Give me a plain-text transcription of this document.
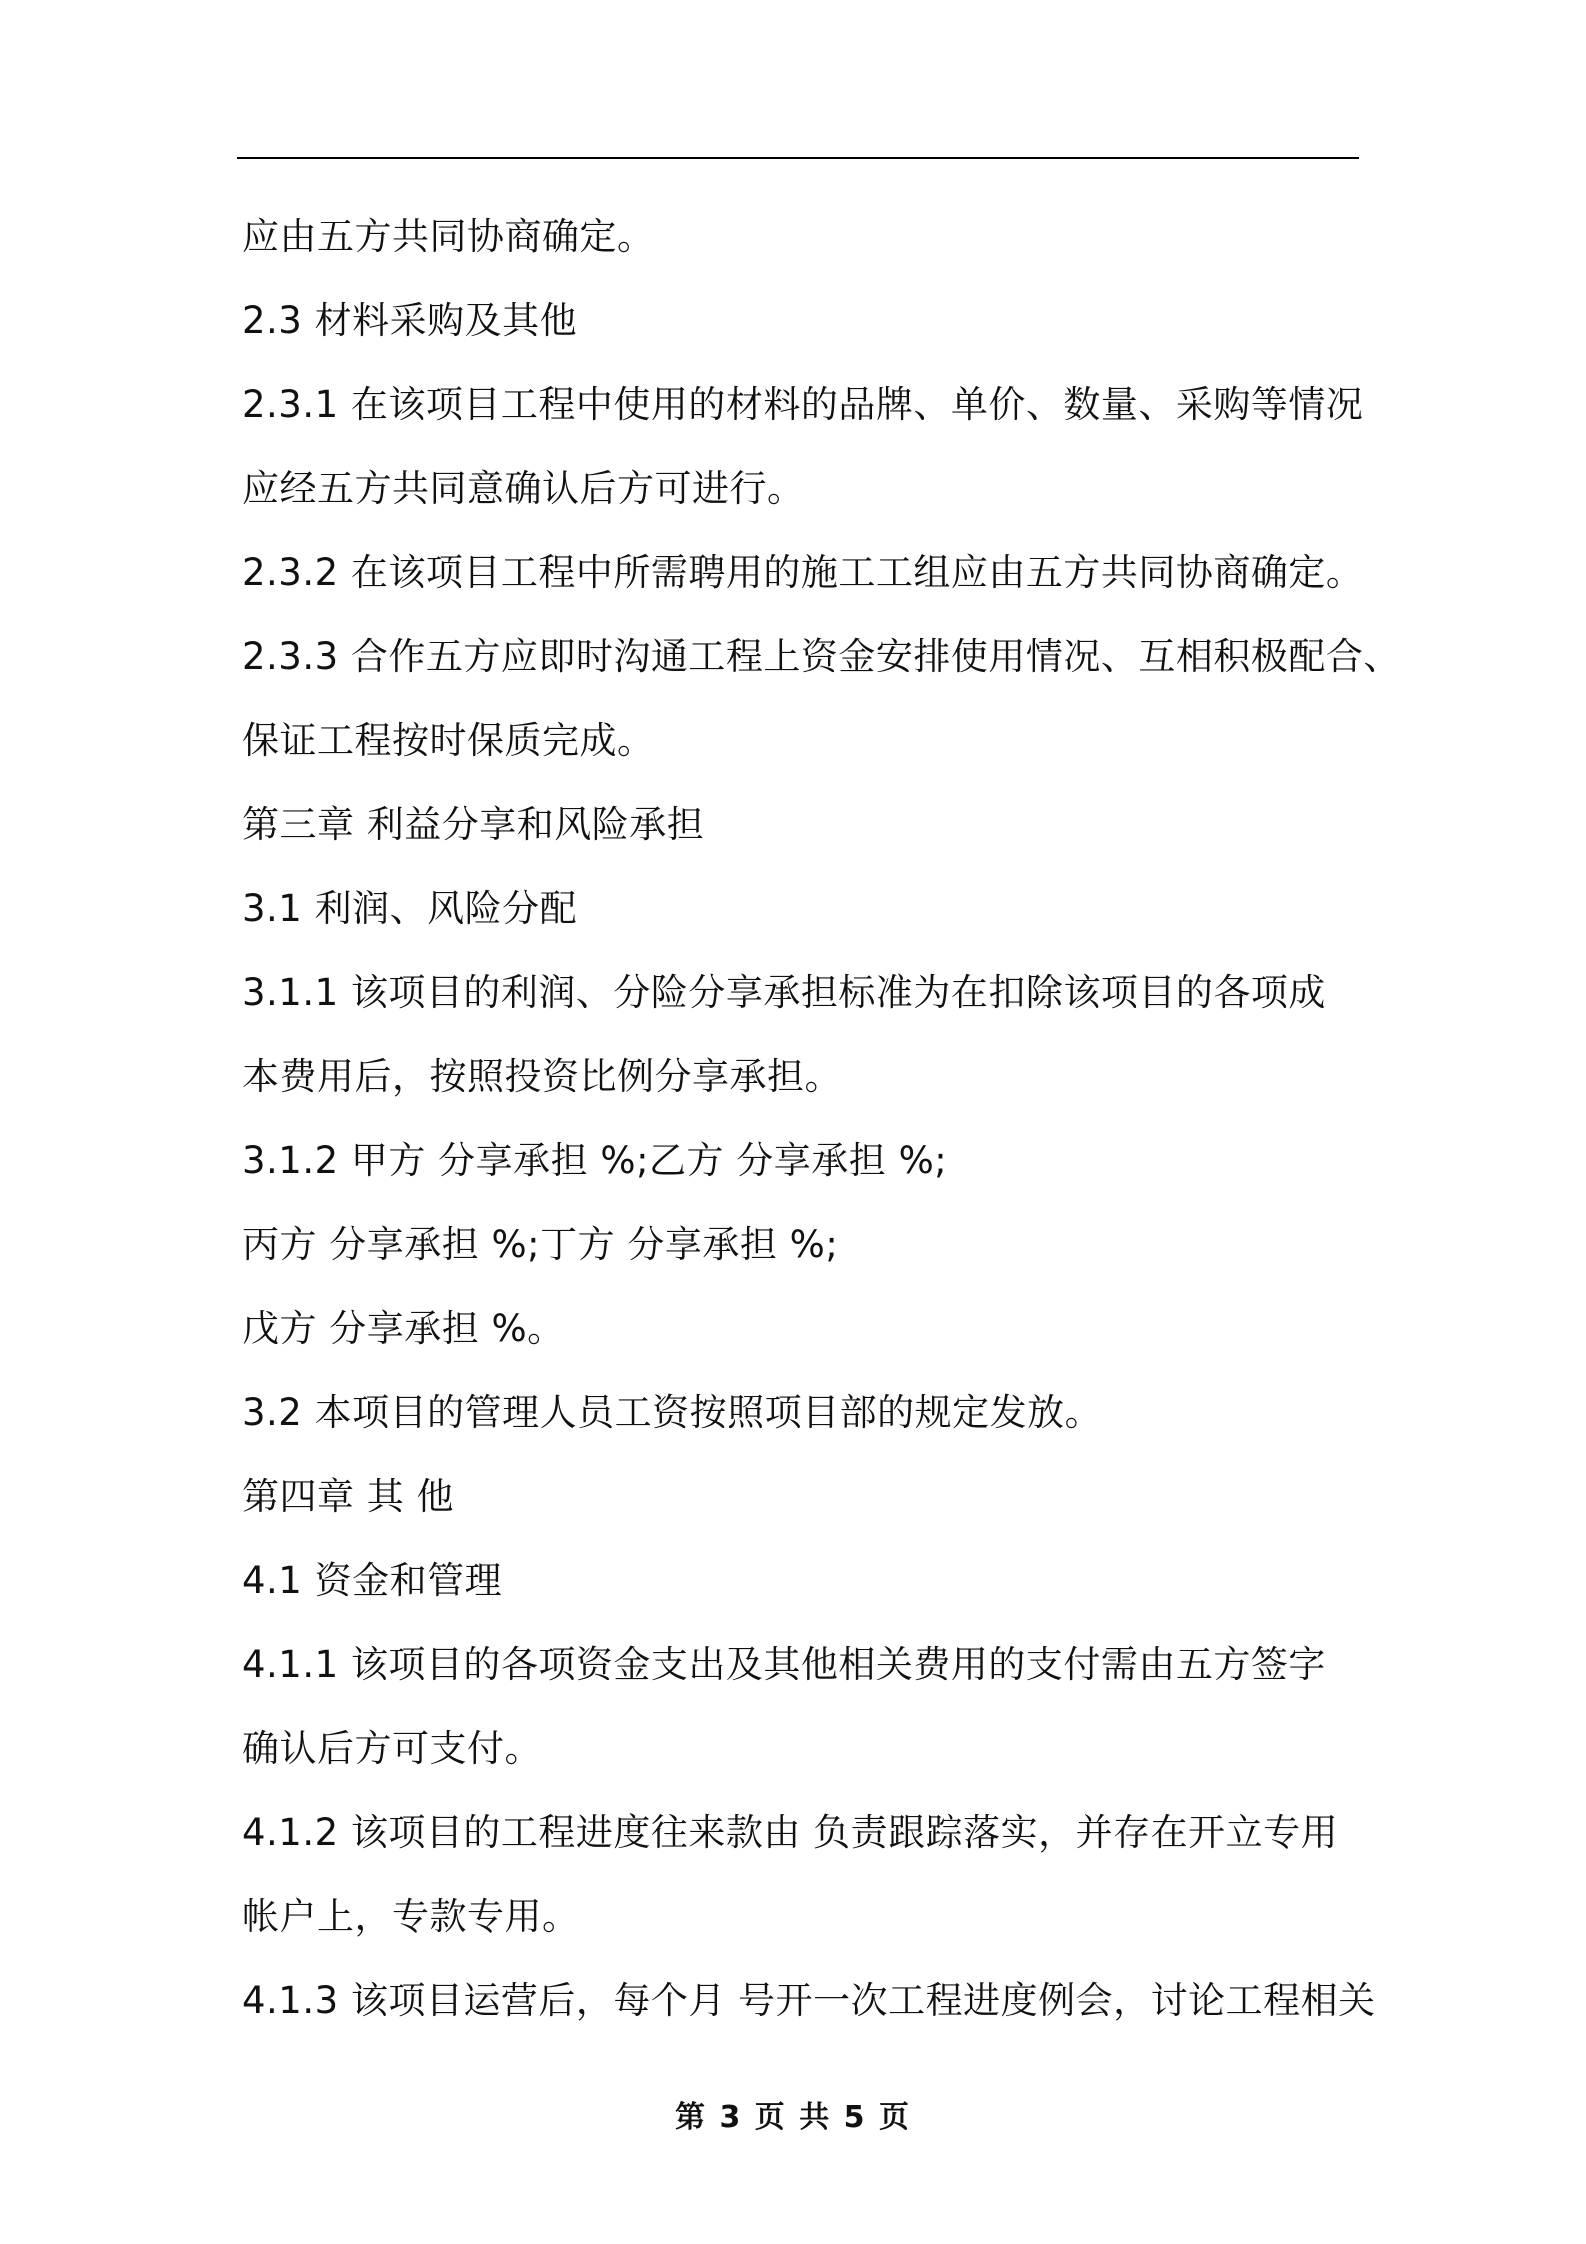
应由五方共同协商确定。
2.3 材料采购及其他
2.3.1 在该项目工程中使用的材料的品牌、单价、数量、采购等情况
应经五方共同意确认后方可进行。
2.3.2 在该项目工程中所需聘用的施工工组应由五方共同协商确定。
2.3.3 合作五方应即时沟通工程上资金安排使用情况、互相积极配合、
保证工程按时保质完成。
第三章 利益分享和风险承担
3.1 利润、风险分配
3.1.1 该项目的利润、分险分享承担标准为在扣除该项目的各项成
本费用后，按照投资比例分享承担。
3.1.2 甲方 分享承担 %;乙方 分享承担 %;
丙方 分享承担 %;丁方 分享承担 %;
戊方 分享承担 %。
3.2 本项目的管理人员工资按照项目部的规定发放。
第四章 其 他
4.1 资金和管理
4.1.1 该项目的各项资金支出及其他相关费用的支付需由五方签字
确认后方可支付。
4.1.2 该项目的工程进度往来款由 负责跟踪落实，并存在开立专用
帐户上，专款专用。
4.1.3 该项目运营后，每个月 号开一次工程进度例会，讨论工程相关
第 3 页 共 5 页
